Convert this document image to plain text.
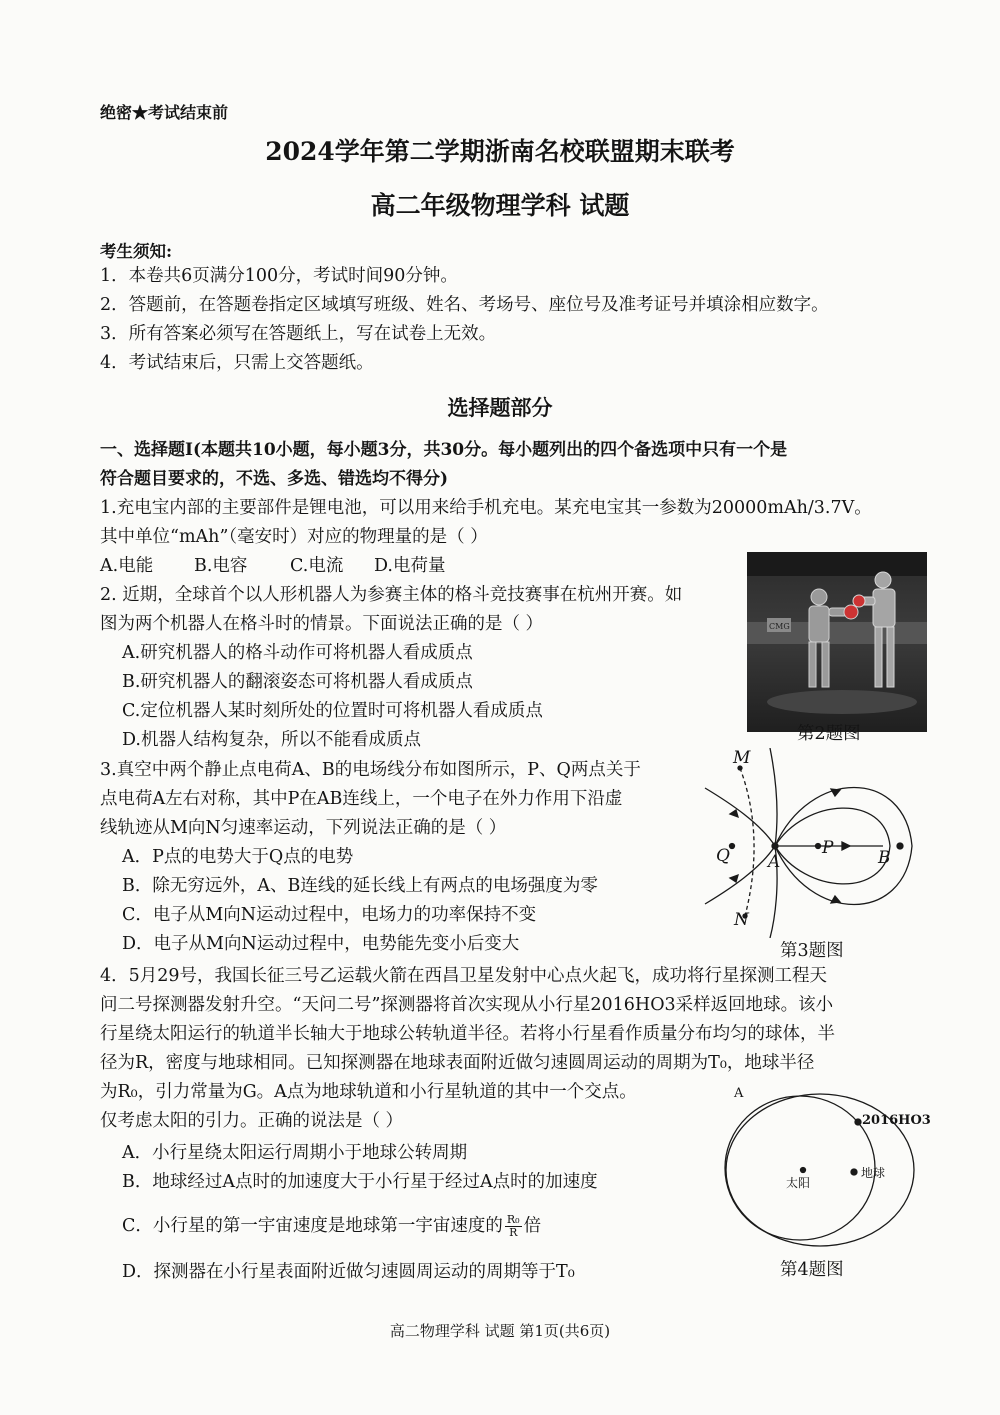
绝密★考试结束前
2024学年第二学期浙南名校联盟期末联考
高二年级物理学科 试题
考生须知:
1．本卷共6页满分100分，考试时间90分钟。
2．答题前，在答题卷指定区域填写班级、姓名、考场号、座位号及准考证号并填涂相应数字。
3．所有答案必须写在答题纸上，写在试卷上无效。
4．考试结束后，只需上交答题纸。
选择题部分
一、选择题Ⅰ(本题共10小题，每小题3分，共30分。每小题列出的四个备选项中只有一个是
符合题目要求的，不选、多选、错选均不得分)
1.充电宝内部的主要部件是锂电池，可以用来给手机充电。某充电宝其一参数为20000mAh/3.7V。
其中单位“mAh”（毫安时）对应的物理量的是（ ）
A.电能 B.电容 C.电流 D.电荷量
2. 近期，全球首个以人形机器人为参赛主体的格斗竞技赛事在杭州开赛。如
图为两个机器人在格斗时的情景。下面说法正确的是（ ）
A.研究机器人的格斗动作可将机器人看成质点
B.研究机器人的翻滚姿态可将机器人看成质点
C.定位机器人某时刻所处的位置时可将机器人看成质点
D.机器人结构复杂，所以不能看成质点
CMG
第2题图
3.真空中两个静止点电荷A、B的电场线分布如图所示，P、Q两点关于
点电荷A左右对称，其中P在AB连线上，一个电子在外力作用下沿虚
线轨迹从M向N匀速率运动，下列说法正确的是（ ）
A．P点的电势大于Q点的电势
B．除无穷远外，A、B连线的延长线上有两点的电场强度为零
C．电子从M向N运动过程中，电场力的功率保持不变
D．电子从M向N运动过程中，电势能先变小后变大
M
N
Q A
P	B
第3题图
4．5月29号，我国长征三号乙运载火箭在西昌卫星发射中心点火起飞，成功将行星探测工程天
问二号探测器发射升空。“天问二号”探测器将首次实现从小行星2016HO3采样返回地球。该小
行星绕太阳运行的轨道半长轴大于地球公转轨道半径。若将小行星看作质量分布均匀的球体，半
径为R，密度与地球相同。已知探测器在地球表面附近做匀速圆周运动的周期为T₀，地球半径
为R₀，引力常量为G。A点为地球轨道和小行星轨道的其中一个交点。
仅考虑太阳的引力。正确的说法是（ ）
A．小行星绕太阳运行周期小于地球公转周期
B．地球经过A点时的加速度大于小行星于经过A点时的加速度
C．小行星的第一宇宙速度是地球第一宇宙速度的 $\frac{\text{R₀}}{R}$ 倍
D．探测器在小行星表面附近做匀速圆周运动的周期等于T₀
A
2016HO3
太阳
地球
第4题图
高二物理学科 试题 第1页(共6页)
